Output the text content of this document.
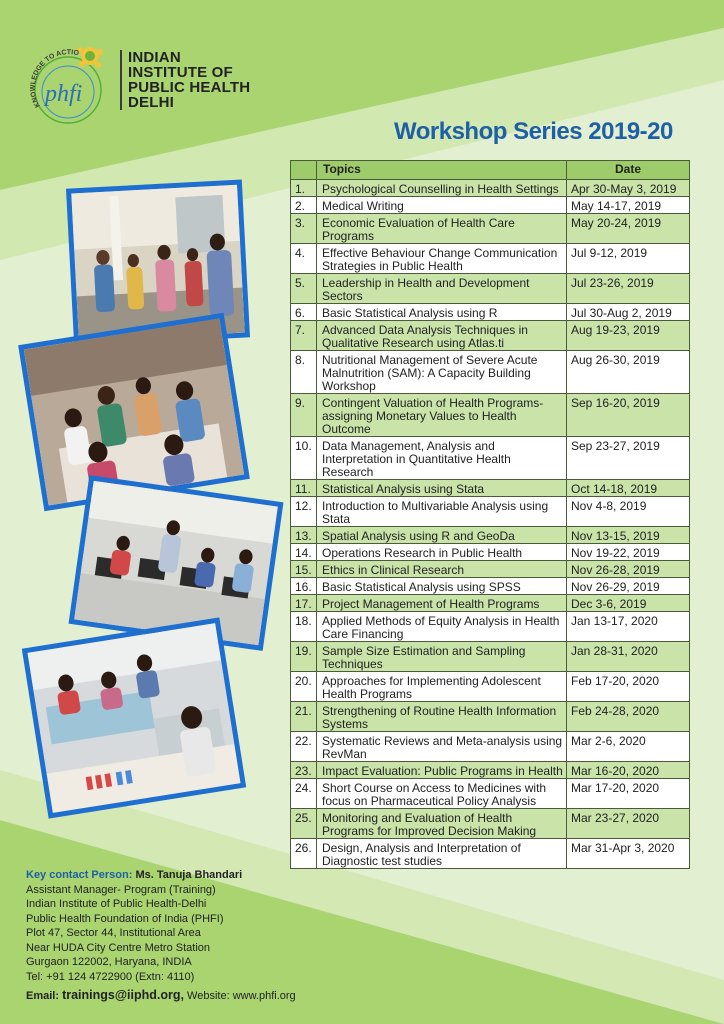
KNOWLEDGE TO ACTIO
phfi
INDIAN
INSTITUTE OF
PUBLIC HEALTH
DELHI
Workshop Series 2019-20
	Topics	Date
1.	Psychological Counselling in Health Settings	Apr 30-May 3, 2019
2.	Medical Writing	May 14-17, 2019
3.	Economic Evaluation of Health Care Programs	May 20-24, 2019
4.	Effective Behaviour Change Communication Strategies in Public Health	Jul 9-12, 2019
5.	Leadership in Health and Development Sectors	Jul 23-26, 2019
6.	Basic Statistical Analysis using R	Jul 30-Aug 2, 2019
7.	Advanced Data Analysis Techniques in Qualitative Research using Atlas.ti	Aug 19-23, 2019
8.	Nutritional Management of Severe Acute Malnutrition (SAM): A Capacity Building Workshop	Aug 26-30, 2019
9.	Contingent Valuation of Health Programs-assigning Monetary Values to Health Outcome	Sep 16-20, 2019
10.	Data Management, Analysis and Interpretation in Quantitative Health Research	Sep 23-27, 2019
11.	Statistical Analysis using Stata	Oct 14-18, 2019
12.	Introduction to Multivariable Analysis using Stata	Nov 4-8, 2019
13.	Spatial Analysis using R and GeoDa	Nov 13-15, 2019
14.	Operations Research in Public Health	Nov 19-22, 2019
15.	Ethics in Clinical Research	Nov 26-28, 2019
16.	Basic Statistical Analysis using SPSS	Nov 26-29, 2019
17.	Project Management of Health Programs	Dec 3-6, 2019
18.	Applied Methods of Equity Analysis in Health Care Financing	Jan 13-17, 2020
19.	Sample Size Estimation and Sampling Techniques	Jan 28-31, 2020
20.	Approaches for Implementing Adolescent Health Programs	Feb 17-20, 2020
21.	Strengthening of Routine Health Information Systems	Feb 24-28, 2020
22.	Systematic Reviews and Meta-analysis using RevMan	Mar 2-6, 2020
23.	Impact Evaluation: Public Programs in Health	Mar 16-20, 2020
24.	Short Course on Access to Medicines with focus on Pharmaceutical Policy Analysis	Mar 17-20, 2020
25.	Monitoring and Evaluation of Health Programs for Improved Decision Making	Mar 23-27, 2020
26.	Design, Analysis and Interpretation of Diagnostic test studies	Mar 31-Apr 3, 2020
Key contact Person: Ms. Tanuja Bhandari
Assistant Manager- Program (Training)
Indian Institute of Public Health-Delhi
Public Health Foundation of India (PHFI)
Plot 47, Sector 44, Institutional Area
Near HUDA City Centre Metro Station
Gurgaon 122002, Haryana, INDIA
Tel: +91 124 4722900 (Extn: 4110)
Email: trainings@iiphd.org, Website: www.phfi.org
